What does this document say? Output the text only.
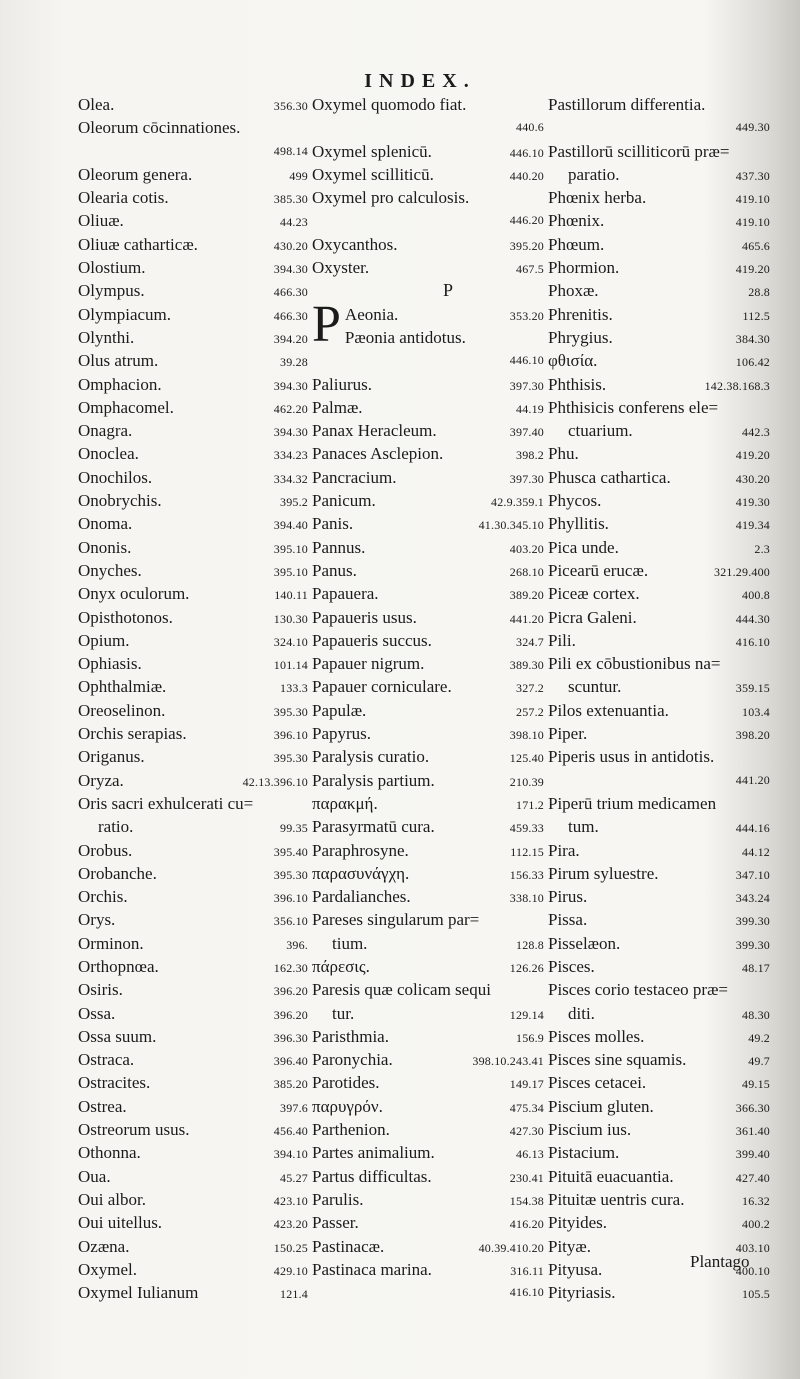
INDEX.
Olea.	356.30
Oleorum cōcinnationes.
498.14
Oleorum genera.	499
Olearia cotis.	385.30
Oliuæ.	44.23
Oliuæ catharticæ.	430.20
Olostium.	394.30
Olympus.	466.30
Olympiacum.	466.30
Olynthi.	394.20
Olus atrum.	39.28
Omphacion.	394.30
Omphacomel.	462.20
Onagra.	394.30
Onoclea.	334.23
Onochilos.	334.32
Onobrychis.	395.2
Onoma.	394.40
Ononis.	395.10
Onyches.	395.10
Onyx oculorum.	140.11
Opisthotonos.	130.30
Opium.	324.10
Ophiasis.	101.14
Ophthalmiæ.	133.3
Oreoselinon.	395.30
Orchis serapias.	396.10
Origanus.	395.30
Oryza.	42.13.396.10
Oris sacri exhulcerati cu=
ratio.	99.35
Orobus.	395.40
Orobanche.	395.30
Orchis.	396.10
Orys.	356.10
Orminon.	396.
Orthopnœa.	162.30
Osiris.	396.20
Ossa.	396.20
Ossa suum.	396.30
Ostraca.	396.40
Ostracites.	385.20
Ostrea.	397.6
Ostreorum usus.	456.40
Othonna.	394.10
Oua.	45.27
Oui albor.	423.10
Oui uitellus.	423.20
Ozæna.	150.25
Oxymel.	429.10
Oxymel Iulianum	121.4
Oxymel quomodo fiat.
440.6
Oxymel splenicū.	446.10
Oxymel scilliticū.	440.20
Oxymel pro calculosis.
446.20
Oxycanthos.	395.20
Oxyster.	467.5
P
P Aeonia.	353.20
Pæonia antidotus.
446.10
Paliurus.	397.30
Palmæ.	44.19
Panax Heracleum.	397.40
Panaces Asclepion.	398.2
Pancracium.	397.30
Panicum.	42.9.359.1
Panis.	41.30.345.10
Pannus.	403.20
Panus.	268.10
Papauera.	389.20
Papaueris usus.	441.20
Papaueris succus.	324.7
Papauer nigrum.	389.30
Papauer corniculare.	327.2
Papulæ.	257.2
Papyrus.	398.10
Paralysis curatio.	125.40
Paralysis partium.	210.39
παρακμή.	171.2
Parasyrmatū cura.	459.33
Paraphrosyne.	112.15
παρασυνάγχη.	156.33
Pardalianches.	338.10
Pareses singularum par=
tium.	128.8
πάρεσις.	126.26
Paresis quæ colicam sequi
tur.	129.14
Paristhmia.	156.9
Paronychia.	398.10.243.41
Parotides.	149.17
παρυγρόν.	475.34
Parthenion.	427.30
Partes animalium.	46.13
Partus difficultas.	230.41
Parulis.	154.38
Passer.	416.20
Pastinacæ.	40.39.410.20
Pastinaca marina.	316.11
416.10
Pastillorum differentia.
449.30
Pastillorū scilliticorū præ=
paratio.	437.30
Phœnix herba.	419.10
Phœnix.	419.10
Phœum.	465.6
Phormion.	419.20
Phoxæ.	28.8
Phrenitis.	112.5
Phrygius.	384.30
φθισία.	106.42
Phthisis.	142.38.168.3
Phthisicis conferens ele=
ctuarium.	442.3
Phu.	419.20
Phusca cathartica.	430.20
Phycos.	419.30
Phyllitis.	419.34
Pica unde.	2.3
Picearū erucæ.	321.29.400
Piceæ cortex.	400.8
Picra Galeni.	444.30
Pili.	416.10
Pili ex cōbustionibus na=
scuntur.	359.15
Pilos extenuantia.	103.4
Piper.	398.20
Piperis usus in antidotis.
441.20
Piperū trium medicamen
tum.	444.16
Pira.	44.12
Pirum syluestre.	347.10
Pirus.	343.24
Pissa.	399.30
Pisselæon.	399.30
Pisces.	48.17
Pisces corio testaceo præ=
diti.	48.30
Pisces molles.	49.2
Pisces sine squamis.	49.7
Pisces cetacei.	49.15
Piscium gluten.	366.30
Piscium ius.	361.40
Pistacium.	399.40
Pituitā euacuantia.	427.40
Pituitæ uentris cura.	16.32
Pityides.	400.2
Pityæ.	403.10
Pityusa.	400.10
Pityriasis.	105.5
Plantago
